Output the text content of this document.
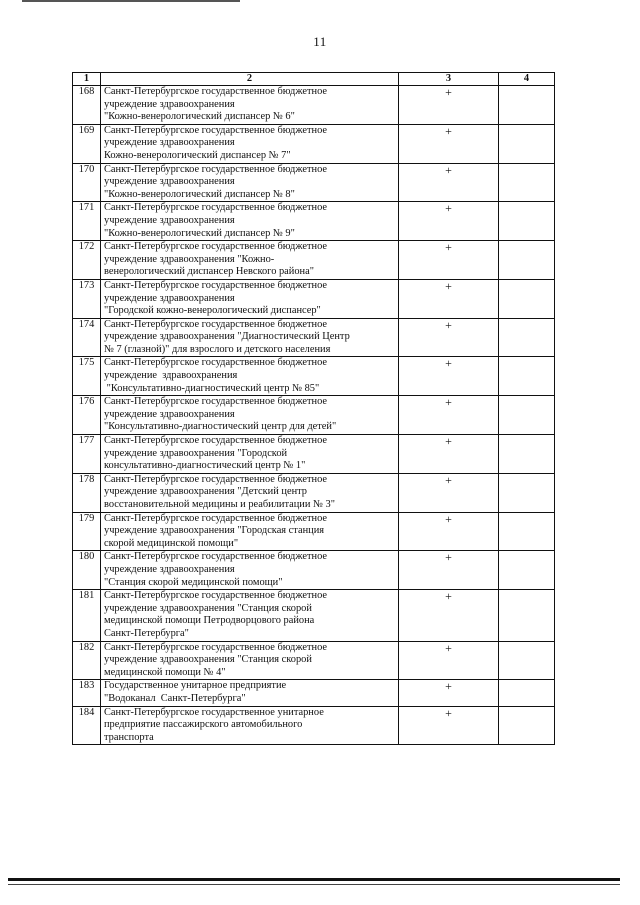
11
1	2	3	4
168	Санкт-Петербургское государственное бюджетное
учреждение здравоохранения
"Кожно-венерологический диспансер № 6"	+	
169	Санкт-Петербургское государственное бюджетное
учреждение здравоохранения
Кожно-венерологический диспансер № 7"	+	
170	Санкт-Петербургское государственное бюджетное
учреждение здравоохранения
"Кожно-венерологический диспансер № 8"	+	
171	Санкт-Петербургское государственное бюджетное
учреждение здравоохранения
"Кожно-венерологический диспансер № 9"	+	
172	Санкт-Петербургское государственное бюджетное
учреждение здравоохранения "Кожно-
венерологический диспансер Невского района"	+	
173	Санкт-Петербургское государственное бюджетное
учреждение здравоохранения
"Городской кожно-венерологический диспансер"	+	
174	Санкт-Петербургское государственное бюджетное
учреждение здравоохранения "Диагностический Центр
№ 7 (глазной)" для взрослого и детского населения	+	
175	Санкт-Петербургское государственное бюджетное
учреждение  здравоохранения
"Консультативно-диагностический центр № 85"	+	
176	Санкт-Петербургское государственное бюджетное
учреждение здравоохранения
"Консультативно-диагностический центр для детей"	+	
177	Санкт-Петербургское государственное бюджетное
учреждение здравоохранения "Городской
консультативно-диагностический центр № 1"	+	
178	Санкт-Петербургское государственное бюджетное
учреждение здравоохранения "Детский центр
восстановительной медицины и реабилитации № 3"	+	
179	Санкт-Петербургское государственное бюджетное
учреждение здравоохранения "Городская станция
скорой медицинской помощи"	+	
180	Санкт-Петербургское государственное бюджетное
учреждение здравоохранения
"Станция скорой медицинской помощи"	+	
181	Санкт-Петербургское государственное бюджетное
учреждение здравоохранения "Станция скорой
медицинской помощи Петродворцового района
Санкт-Петербурга"	+	
182	Санкт-Петербургское государственное бюджетное
учреждение здравоохранения "Станция скорой
медицинской помощи № 4"	+	
183	Государственное унитарное предприятие
"Водоканал  Санкт-Петербурга"	+	
184	Санкт-Петербургское государственное унитарное
предприятие пассажирского автомобильного
транспорта	+	
